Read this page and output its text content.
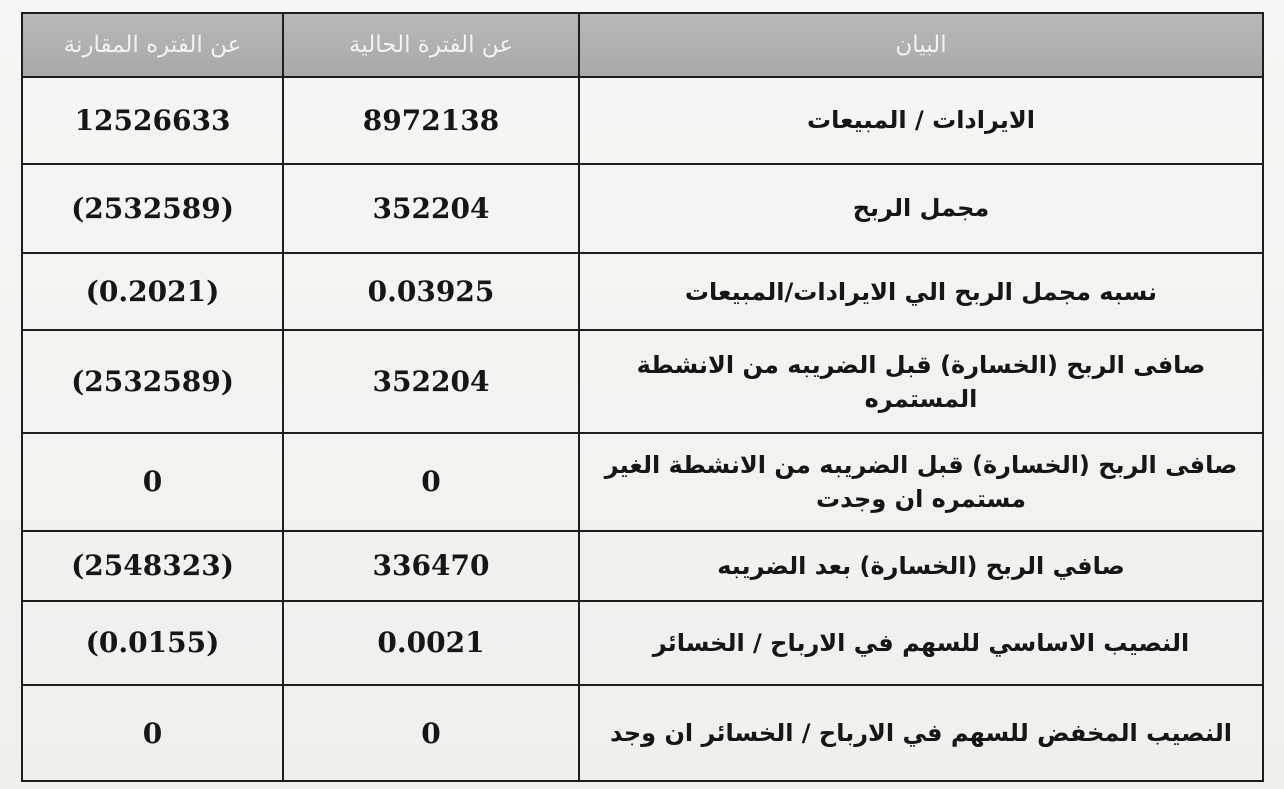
عن الفتره المقارنة	عن الفترة الحالية	البيان
12526633	8972138	الايرادات / المبيعات
(2532589)	352204	مجمل الربح
(0.2021)	0.03925	نسبه مجمل الربح الي الايرادات/المبيعات
(2532589)	352204	صافى الربح (الخسارة) قبل الضريبه من الانشطة المستمره
0	0	صافى الربح (الخسارة) قبل الضريبه من الانشطة الغير مستمره ان وجدت
(2548323)	336470	صافي الربح (الخسارة) بعد الضريبه
(0.0155)	0.0021	النصيب الاساسي للسهم في الارباح / الخسائر
0	0	النصيب المخفض للسهم في الارباح / الخسائر ان وجد
